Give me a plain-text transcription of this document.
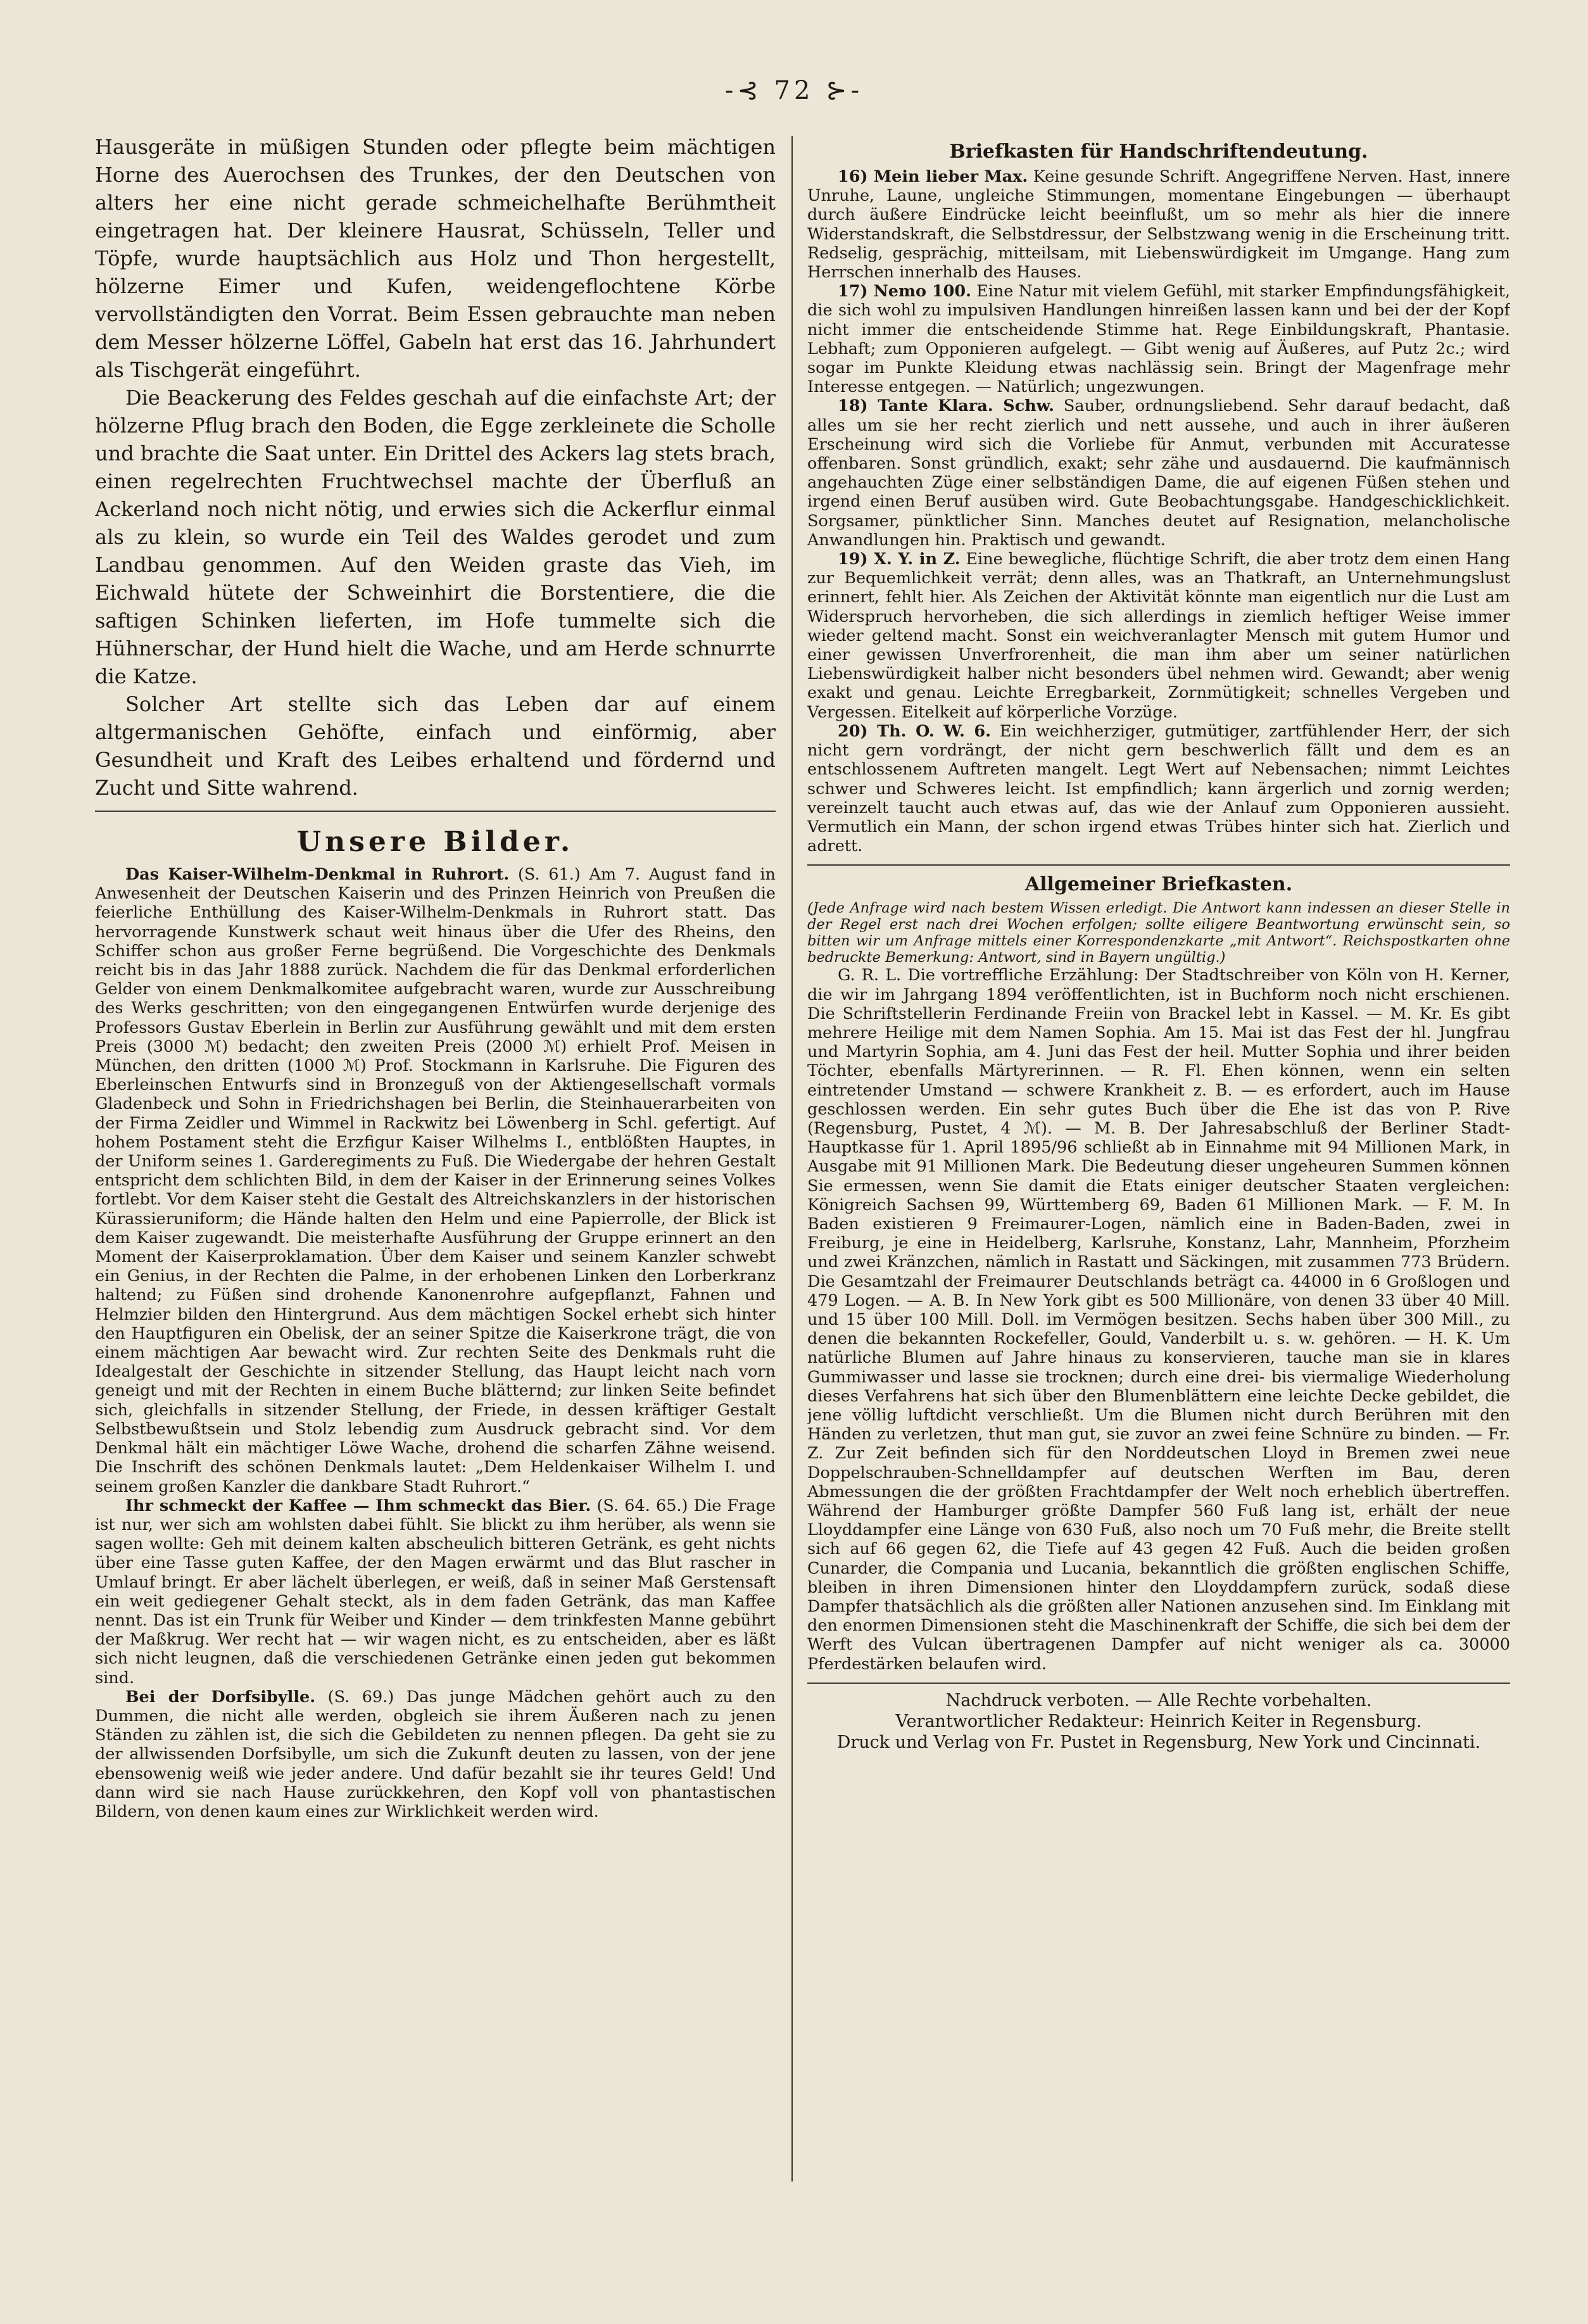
-⊰ 72 ⊱-

Hausgeräte in müßigen Stunden oder pflegte beim mächtigen Horne des Auerochsen des Trunkes, der den Deutschen von alters her eine nicht gerade schmeichelhafte Berühmtheit eingetragen hat. Der kleinere Hausrat, Schüsseln, Teller und Töpfe, wurde hauptsächlich aus Holz und Thon hergestellt, hölzerne Eimer und Kufen, weidengeflochtene Körbe vervollständigten den Vorrat. Beim Essen gebrauchte man neben dem Messer hölzerne Löffel, Gabeln hat erst das 16. Jahrhundert als Tischgerät eingeführt.

Die Beackerung des Feldes geschah auf die einfachste Art; der hölzerne Pflug brach den Boden, die Egge zerkleinete die Scholle und brachte die Saat unter. Ein Drittel des Ackers lag stets brach, einen regelrechten Fruchtwechsel machte der Überfluß an Ackerland noch nicht nötig, und erwies sich die Ackerflur einmal als zu klein, so wurde ein Teil des Waldes gerodet und zum Landbau genommen. Auf den Weiden graste das Vieh, im Eichwald hütete der Schweinhirt die Borstentiere, die die saftigen Schinken lieferten, im Hofe tummelte sich die Hühnerschar, der Hund hielt die Wache, und am Herde schnurrte die Katze.

Solcher Art stellte sich das Leben dar auf einem altgermanischen Gehöfte, einfach und einförmig, aber Gesundheit und Kraft des Leibes erhaltend und fördernd und Zucht und Sitte wahrend.

Unsere Bilder.

Das Kaiser-Wilhelm-Denkmal in Ruhrort. (S. 61.) Am 7. August fand in Anwesenheit der Deutschen Kaiserin und des Prinzen Heinrich von Preußen die feierliche Enthüllung des Kaiser-Wilhelm-Denkmals in Ruhrort statt. Das hervorragende Kunstwerk schaut weit hinaus über die Ufer des Rheins, den Schiffer schon aus großer Ferne begrüßend. Die Vorgeschichte des Denkmals reicht bis in das Jahr 1888 zurück. Nachdem die für das Denkmal erforderlichen Gelder von einem Denkmalkomitee aufgebracht waren, wurde zur Ausschreibung des Werks geschritten; von den eingegangenen Entwürfen wurde derjenige des Professors Gustav Eberlein in Berlin zur Ausführung gewählt und mit dem ersten Preis (3000 ℳ) bedacht; den zweiten Preis (2000 ℳ) erhielt Prof. Meisen in München, den dritten (1000 ℳ) Prof. Stockmann in Karlsruhe. Die Figuren des Eberleinschen Entwurfs sind in Bronzeguß von der Aktiengesellschaft vormals Gladenbeck und Sohn in Friedrichshagen bei Berlin, die Steinhauerarbeiten von der Firma Zeidler und Wimmel in Rackwitz bei Löwenberg in Schl. gefertigt. Auf hohem Postament steht die Erzfigur Kaiser Wilhelms I., entblößten Hauptes, in der Uniform seines 1. Garderegiments zu Fuß. Die Wiedergabe der hehren Gestalt entspricht dem schlichten Bild, in dem der Kaiser in der Erinnerung seines Volkes fortlebt. Vor dem Kaiser steht die Gestalt des Altreichskanzlers in der historischen Kürassieruniform; die Hände halten den Helm und eine Papierrolle, der Blick ist dem Kaiser zugewandt. Die meisterhafte Ausführung der Gruppe erinnert an den Moment der Kaiserproklamation. Über dem Kaiser und seinem Kanzler schwebt ein Genius, in der Rechten die Palme, in der erhobenen Linken den Lorberkranz haltend; zu Füßen sind drohende Kanonenrohre aufgepflanzt, Fahnen und Helmzier bilden den Hintergrund. Aus dem mächtigen Sockel erhebt sich hinter den Hauptfiguren ein Obelisk, der an seiner Spitze die Kaiserkrone trägt, die von einem mächtigen Aar bewacht wird. Zur rechten Seite des Denkmals ruht die Idealgestalt der Geschichte in sitzender Stellung, das Haupt leicht nach vorn geneigt und mit der Rechten in einem Buche blätternd; zur linken Seite befindet sich, gleichfalls in sitzender Stellung, der Friede, in dessen kräftiger Gestalt Selbstbewußtsein und Stolz lebendig zum Ausdruck gebracht sind. Vor dem Denkmal hält ein mächtiger Löwe Wache, drohend die scharfen Zähne weisend. Die Inschrift des schönen Denkmals lautet: „Dem Heldenkaiser Wilhelm I. und seinem großen Kanzler die dankbare Stadt Ruhrort.“

Ihr schmeckt der Kaffee — Ihm schmeckt das Bier. (S. 64. 65.) Die Frage ist nur, wer sich am wohlsten dabei fühlt. Sie blickt zu ihm herüber, als wenn sie sagen wollte: Geh mit deinem kalten abscheulich bitteren Getränk, es geht nichts über eine Tasse guten Kaffee, der den Magen erwärmt und das Blut rascher in Umlauf bringt. Er aber lächelt überlegen, er weiß, daß in seiner Maß Gerstensaft ein weit gediegener Gehalt steckt, als in dem faden Getränk, das man Kaffee nennt. Das ist ein Trunk für Weiber und Kinder — dem trinkfesten Manne gebührt der Maßkrug. Wer recht hat — wir wagen nicht, es zu entscheiden, aber es läßt sich nicht leugnen, daß die verschiedenen Getränke einen jeden gut bekommen sind.

Bei der Dorfsibylle. (S. 69.) Das junge Mädchen gehört auch zu den Dummen, die nicht alle werden, obgleich sie ihrem Äußeren nach zu jenen Ständen zu zählen ist, die sich die Gebildeten zu nennen pflegen. Da geht sie zu der allwissenden Dorfsibylle, um sich die Zukunft deuten zu lassen, von der jene ebensowenig weiß wie jeder andere. Und dafür bezahlt sie ihr teures Geld! Und dann wird sie nach Hause zurückkehren, den Kopf voll von phantastischen Bildern, von denen kaum eines zur Wirklichkeit werden wird.

Briefkasten für Handschriftendeutung.

16) Mein lieber Max. Keine gesunde Schrift. Angegriffene Nerven. Hast, innere Unruhe, Laune, ungleiche Stimmungen, momentane Eingebungen — überhaupt durch äußere Eindrücke leicht beeinflußt, um so mehr als hier die innere Widerstandskraft, die Selbstdressur, der Selbstzwang wenig in die Erscheinung tritt. Redselig, gesprächig, mitteilsam, mit Liebenswürdigkeit im Umgange. Hang zum Herrschen innerhalb des Hauses.

17) Nemo 100. Eine Natur mit vielem Gefühl, mit starker Empfindungsfähigkeit, die sich wohl zu impulsiven Handlungen hinreißen lassen kann und bei der der Kopf nicht immer die entscheidende Stimme hat. Rege Einbildungskraft, Phantasie. Lebhaft; zum Opponieren aufgelegt. — Gibt wenig auf Äußeres, auf Putz 2c.; wird sogar im Punkte Kleidung etwas nachlässig sein. Bringt der Magenfrage mehr Interesse entgegen. — Natürlich; ungezwungen.

18) Tante Klara. Schw. Sauber, ordnungsliebend. Sehr darauf bedacht, daß alles um sie her recht zierlich und nett aussehe, und auch in ihrer äußeren Erscheinung wird sich die Vorliebe für Anmut, verbunden mit Accuratesse offenbaren. Sonst gründlich, exakt; sehr zähe und ausdauernd. Die kaufmännisch angehauchten Züge einer selbständigen Dame, die auf eigenen Füßen stehen und irgend einen Beruf ausüben wird. Gute Beobachtungsgabe. Handgeschicklichkeit. Sorgsamer, pünktlicher Sinn. Manches deutet auf Resignation, melancholische Anwandlungen hin. Praktisch und gewandt.

19) X. Y. in Z. Eine bewegliche, flüchtige Schrift, die aber trotz dem einen Hang zur Bequemlichkeit verrät; denn alles, was an Thatkraft, an Unternehmungslust erinnert, fehlt hier. Als Zeichen der Aktivität könnte man eigentlich nur die Lust am Widerspruch hervorheben, die sich allerdings in ziemlich heftiger Weise immer wieder geltend macht. Sonst ein weichveranlagter Mensch mit gutem Humor und einer gewissen Unverfrorenheit, die man ihm aber um seiner natürlichen Liebenswürdigkeit halber nicht besonders übel nehmen wird. Gewandt; aber wenig exakt und genau. Leichte Erregbarkeit, Zornmütigkeit; schnelles Vergeben und Vergessen. Eitelkeit auf körperliche Vorzüge.

20) Th. O. W. 6. Ein weichherziger, gutmütiger, zartfühlender Herr, der sich nicht gern vordrängt, der nicht gern beschwerlich fällt und dem es an entschlossenem Auftreten mangelt. Legt Wert auf Nebensachen; nimmt Leichtes schwer und Schweres leicht. Ist empfindlich; kann ärgerlich und zornig werden; vereinzelt taucht auch etwas auf, das wie der Anlauf zum Opponieren aussieht. Vermutlich ein Mann, der schon irgend etwas Trübes hinter sich hat. Zierlich und adrett.

Allgemeiner Briefkasten.

(Jede Anfrage wird nach bestem Wissen erledigt. Die Antwort kann indessen an dieser Stelle in der Regel erst nach drei Wochen erfolgen; sollte eiligere Beantwortung erwünscht sein, so bitten wir um Anfrage mittels einer Korrespondenzkarte „mit Antwort“. Reichspostkarten ohne bedruckte Bemerkung: Antwort, sind in Bayern ungültig.)

G. R. L. Die vortreffliche Erzählung: Der Stadtschreiber von Köln von H. Kerner, die wir im Jahrgang 1894 veröffentlichten, ist in Buchform noch nicht erschienen. Die Schriftstellerin Ferdinande Freiin von Brackel lebt in Kassel. — M. Kr. Es gibt mehrere Heilige mit dem Namen Sophia. Am 15. Mai ist das Fest der hl. Jungfrau und Martyrin Sophia, am 4. Juni das Fest der heil. Mutter Sophia und ihrer beiden Töchter, ebenfalls Märtyrerinnen. — R. Fl. Ehen können, wenn ein selten eintretender Umstand — schwere Krankheit z. B. — es erfordert, auch im Hause geschlossen werden. Ein sehr gutes Buch über die Ehe ist das von P. Rive (Regensburg, Pustet, 4 ℳ). — M. B. Der Jahresabschluß der Berliner Stadt-Hauptkasse für 1. April 1895/96 schließt ab in Einnahme mit 94 Millionen Mark, in Ausgabe mit 91 Millionen Mark. Die Bedeutung dieser ungeheuren Summen können Sie ermessen, wenn Sie damit die Etats einiger deutscher Staaten vergleichen: Königreich Sachsen 99, Württemberg 69, Baden 61 Millionen Mark. — F. M. In Baden existieren 9 Freimaurer-Logen, nämlich eine in Baden-Baden, zwei in Freiburg, je eine in Heidelberg, Karlsruhe, Konstanz, Lahr, Mannheim, Pforzheim und zwei Kränzchen, nämlich in Rastatt und Säckingen, mit zusammen 773 Brüdern. Die Gesamtzahl der Freimaurer Deutschlands beträgt ca. 44000 in 6 Großlogen und 479 Logen. — A. B. In New York gibt es 500 Millionäre, von denen 33 über 40 Mill. und 15 über 100 Mill. Doll. im Vermögen besitzen. Sechs haben über 300 Mill., zu denen die bekannten Rockefeller, Gould, Vanderbilt u. s. w. gehören. — H. K. Um natürliche Blumen auf Jahre hinaus zu konservieren, tauche man sie in klares Gummiwasser und lasse sie trocknen; durch eine drei- bis viermalige Wiederholung dieses Verfahrens hat sich über den Blumenblättern eine leichte Decke gebildet, die jene völlig luftdicht verschließt. Um die Blumen nicht durch Berühren mit den Händen zu verletzen, thut man gut, sie zuvor an zwei feine Schnüre zu binden. — Fr. Z. Zur Zeit befinden sich für den Norddeutschen Lloyd in Bremen zwei neue Doppelschrauben-Schnelldampfer auf deutschen Werften im Bau, deren Abmessungen die der größten Frachtdampfer der Welt noch erheblich übertreffen. Während der Hamburger größte Dampfer 560 Fuß lang ist, erhält der neue Lloyddampfer eine Länge von 630 Fuß, also noch um 70 Fuß mehr, die Breite stellt sich auf 66 gegen 62, die Tiefe auf 43 gegen 42 Fuß. Auch die beiden großen Cunarder, die Compania und Lucania, bekanntlich die größten englischen Schiffe, bleiben in ihren Dimensionen hinter den Lloyddampfern zurück, sodaß diese Dampfer thatsächlich als die größten aller Nationen anzusehen sind. Im Einklang mit den enormen Dimensionen steht die Maschinenkraft der Schiffe, die sich bei dem der Werft des Vulcan übertragenen Dampfer auf nicht weniger als ca. 30000 Pferdestärken belaufen wird.

Nachdruck verboten. — Alle Rechte vorbehalten.

Verantwortlicher Redakteur: Heinrich Keiter in Regensburg.

Druck und Verlag von Fr. Pustet in Regensburg, New York und Cincinnati.
